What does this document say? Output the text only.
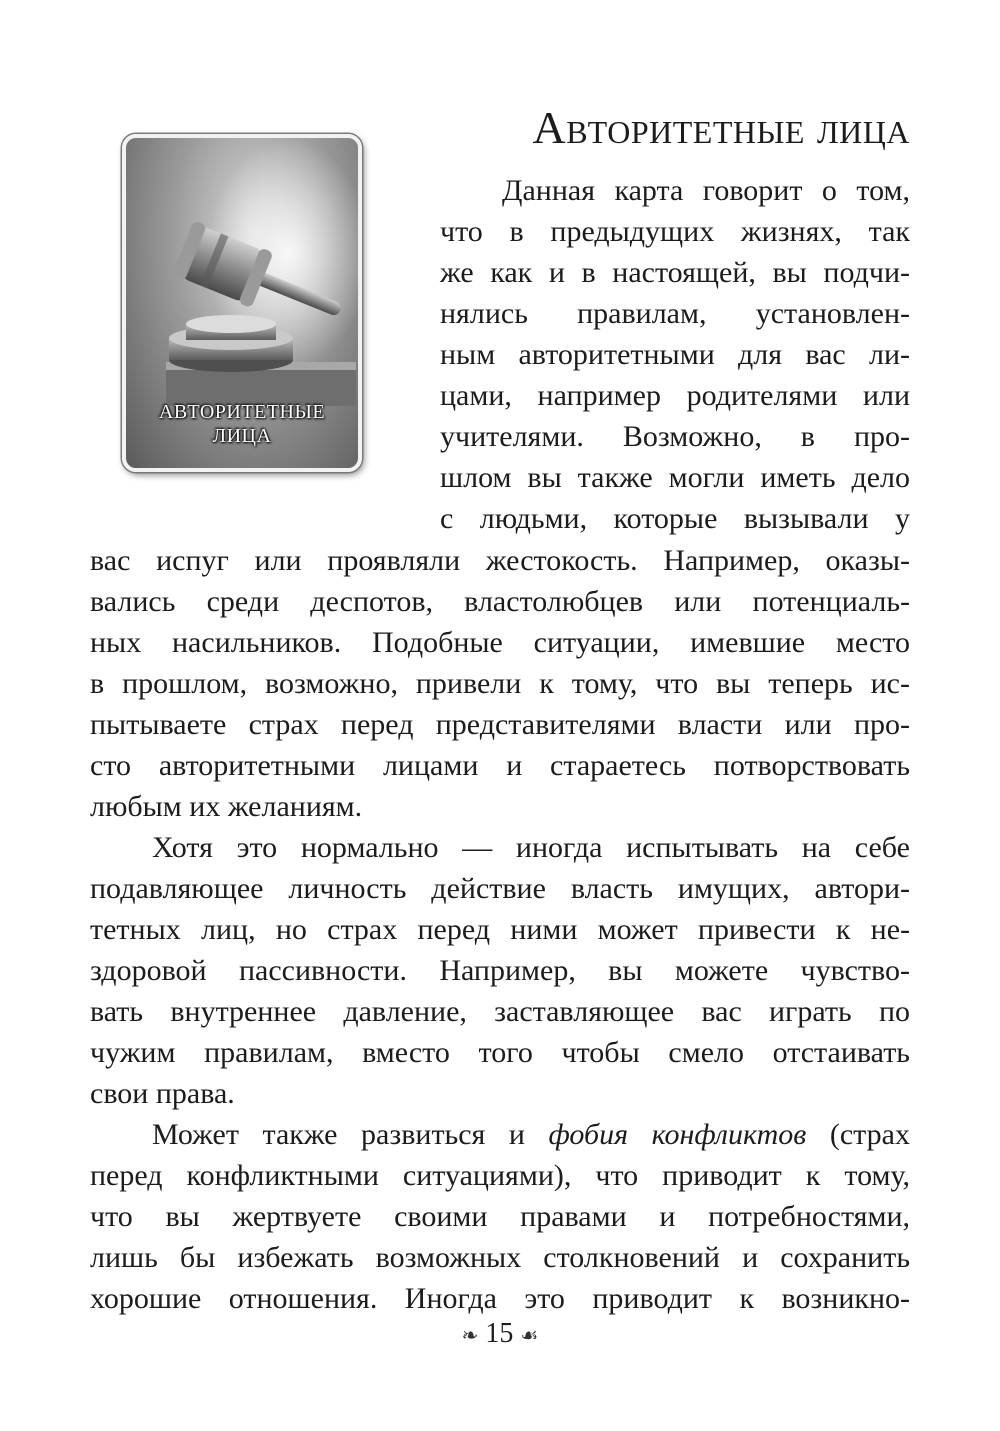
Авторитетные лица
АВТОРИТЕТНЫЕ
ЛИЦА
Данная карта говорит о том,
что в предыдущих жизнях, так
же как и в настоящей, вы подчи-
нялись правилам, установлен-
ным авторитетными для вас ли-
цами, например родителями или
учителями. Возможно, в про-
шлом вы также могли иметь дело
с людьми, которые вызывали у
вас испуг или проявляли жестокость. Например, оказы-
вались среди деспотов, властолюбцев или потенциаль-
ных насильников. Подобные ситуации, имевшие место
в прошлом, возможно, привели к тому, что вы теперь ис-
пытываете страх перед представителями власти или про-
сто авторитетными лицами и стараетесь потворствовать
любым их желаниям.
Хотя это нормально — иногда испытывать на себе
подавляющее личность действие власть имущих, автори-
тетных лиц, но страх перед ними может привести к не-
здоровой пассивности. Например, вы можете чувство-
вать внутреннее давление, заставляющее вас играть по
чужим правилам, вместо того чтобы смело отстаивать
свои права.
Может также развиться и фобия конфликтов (страх
перед конфликтными ситуациями), что приводит к тому,
что вы жертвуете своими правами и потребностями,
лишь бы избежать возможных столкновений и сохранить
хорошие отношения. Иногда это приводит к возникно-
❧ 15 ☙
